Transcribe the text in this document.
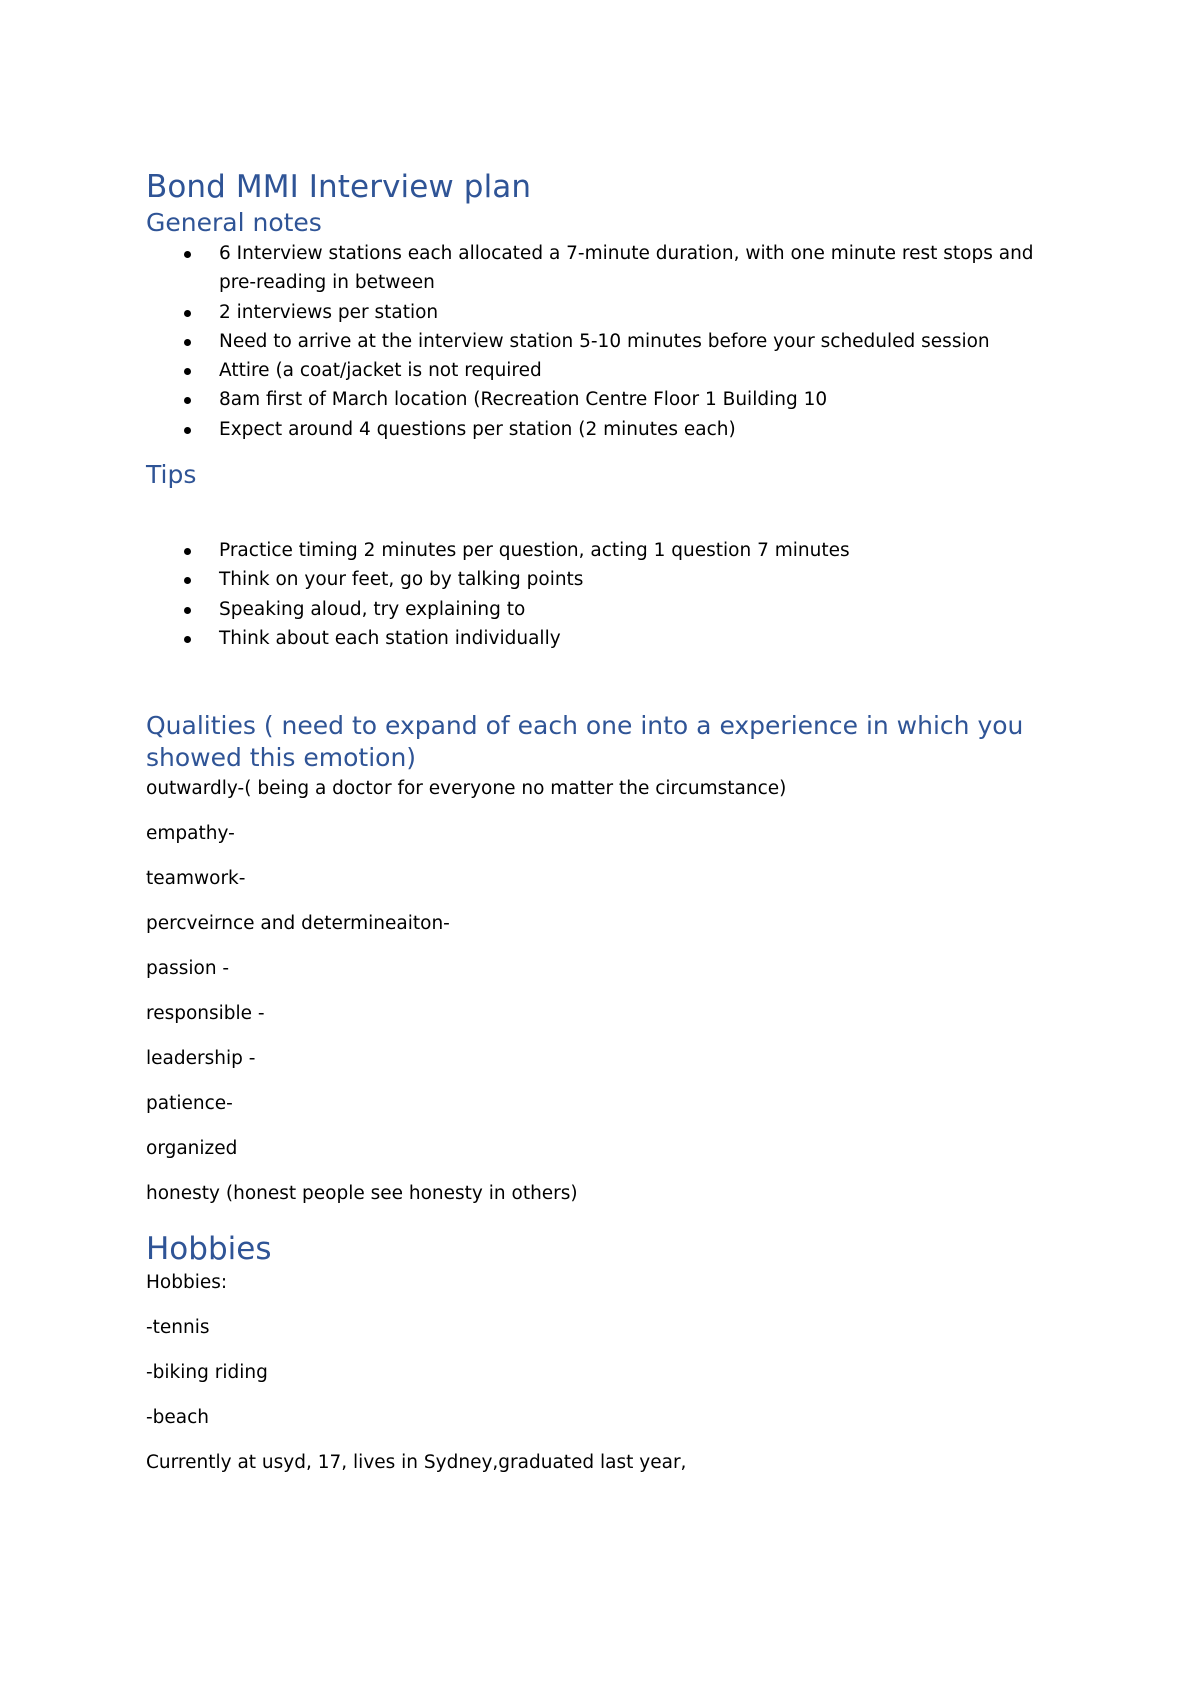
Bond MMI Interview plan
General notes
6 Interview stations each allocated a 7-minute duration, with one minute rest stops and pre-reading in between
2 interviews per station
Need to arrive at the interview station 5-10 minutes before your scheduled session
Attire (a coat/jacket is not required
8am first of March location (Recreation Centre Floor 1 Building 10
Expect around 4 questions per station (2 minutes each)
Tips
Practice timing 2 minutes per question, acting 1 question 7 minutes
Think on your feet, go by talking points
Speaking aloud, try explaining to
Think about each station individually
Qualities ( need to expand of each one into a experience in which you showed this emotion)

outwardly-( being a doctor for everyone no matter the circumstance)

empathy-

teamwork-

percveirnce and determineaiton-

passion -

responsible -

leadership -

patience-

organized

honesty (honest people see honesty in others)

Hobbies

Hobbies:

-tennis

-biking riding

-beach

Currently at usyd, 17, lives in Sydney,graduated last year,
